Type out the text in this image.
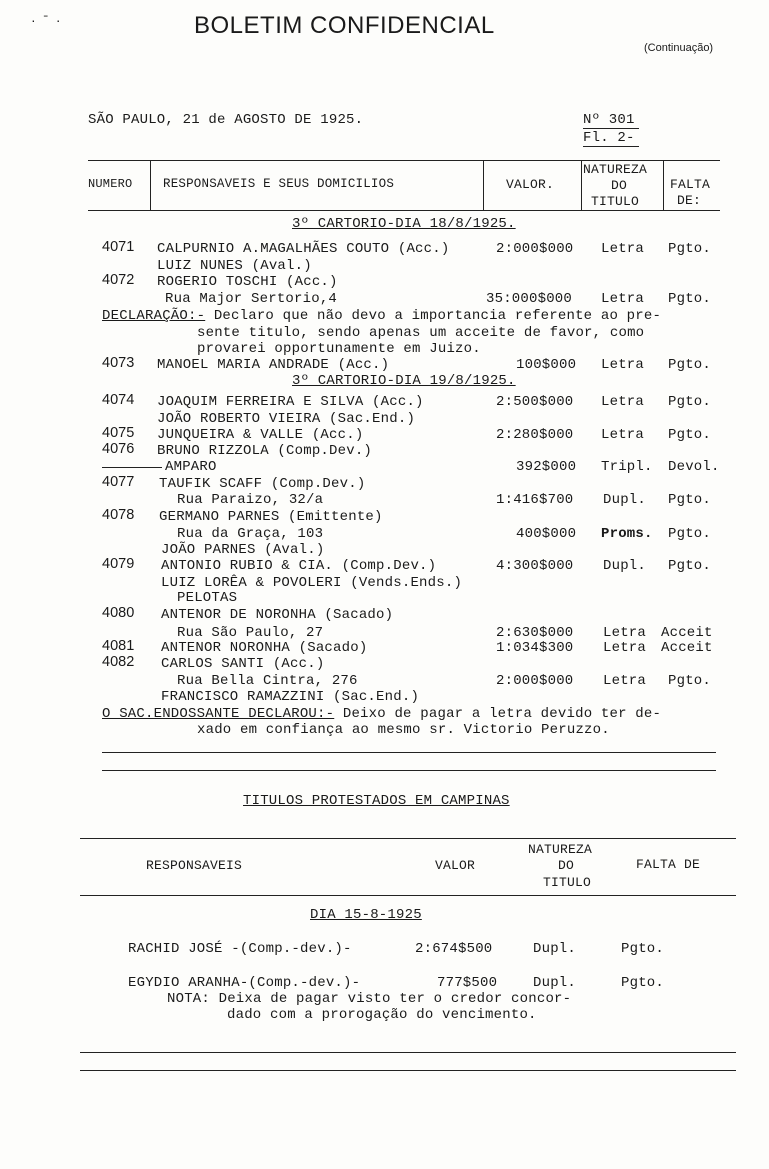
BOLETIM CONFIDENCIAL
(Continuação)
SÃO PAULO, 21 de AGOSTO DE 1925.	Nº 301
Fl. 2-
NUMERO RESPONSAVEIS E SEUS DOMICILIOS	VALOR.
NATUREZA
DO
TITULO
FALTA
DE:
3º CARTORIO-DIA 18/8/1925.
3º CARTORIO-DIA 19/8/1925.
4071 CALPURNIO A.MAGALHÃES COUTO (Acc.)	2:000$000 Letra Pgto.
LUIZ NUNES (Aval.)
4072 ROGERIO TOSCHI (Acc.)
Rua Major Sertorio,4	35:000$000 Letra Pgto.
DECLARAÇÃO:- Declaro que não devo a importancia referente ao pre-
sente titulo, sendo apenas um acceite de favor, como
provarei opportunamente em Juizo.
4073 MANOEL MARIA ANDRADE (Acc.)	100$000 Letra Pgto.
4074 JOAQUIM FERREIRA E SILVA (Acc.)	2:500$000 Letra Pgto.
JOÃO ROBERTO VIEIRA (Sac.End.)
4075 JUNQUEIRA & VALLE (Acc.)	2:280$000 Letra Pgto.
4076 BRUNO RIZZOLA (Comp.Dev.)
AMPARO	392$000 Tripl. Devol.
4077 TAUFIK SCAFF (Comp.Dev.)
Rua Paraizo, 32/a	1:416$700 Dupl. Pgto.
4078 GERMANO PARNES (Emittente)
Rua da Graça, 103	400$000 Proms. Pgto.
JOÃO PARNES (Aval.)
4079 ANTONIO RUBIO & CIA. (Comp.Dev.)	4:300$000 Dupl. Pgto.
LUIZ LORÊA & POVOLERI (Vends.Ends.)
PELOTAS
4080 ANTENOR DE NORONHA (Sacado)
Rua São Paulo, 27	2:630$000 Letra Acceit
4081 ANTENOR NORONHA (Sacado)	1:034$300 Letra Acceit
4082 CARLOS SANTI (Acc.)
Rua Bella Cintra, 276	2:000$000 Letra Pgto.
FRANCISCO RAMAZZINI (Sac.End.)
O SAC.ENDOSSANTE DECLAROU:- Deixo de pagar a letra devido ter de-
xado em confiança ao mesmo sr. Victorio Peruzzo.
TITULOS PROTESTADOS EM CAMPINAS
RESPONSAVEIS	VALOR
NATUREZA
DO
TITULO
FALTA DE
DIA 15-8-1925
RACHID JOSÉ -(Comp.-dev.)-	2:674$500	Dupl.	Pgto.
EGYDIO ARANHA-(Comp.-dev.)-	777$500	Dupl.	Pgto.
NOTA: Deixa de pagar visto ter o credor concor-
dado com a prorogação do vencimento.
·  ˉ  ·
